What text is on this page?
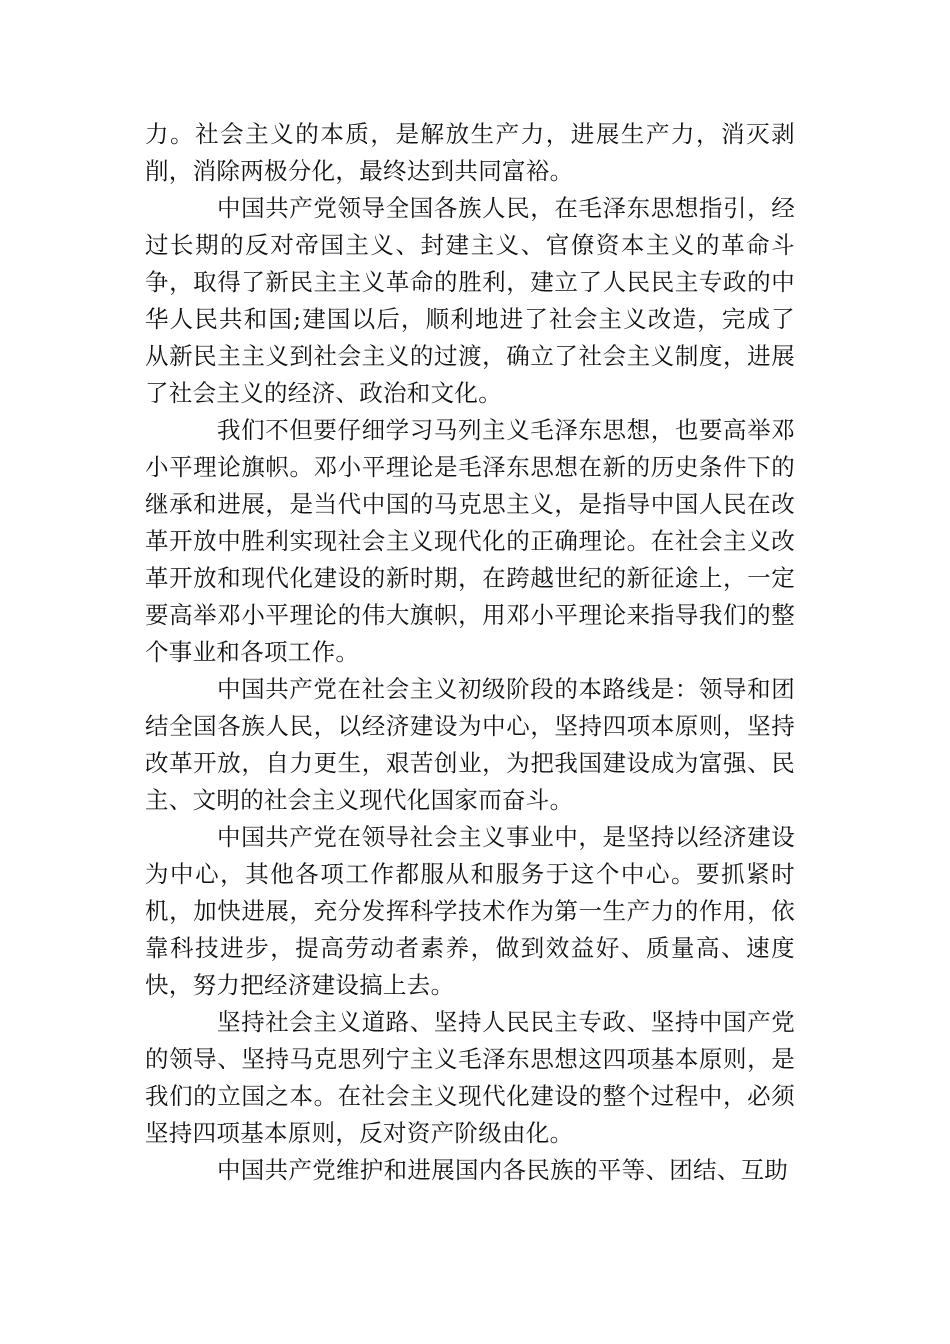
力。社会主义的本质，是解放生产力，进展生产力，消灭剥削，消除两极分化，最终达到共同富裕。

中国共产党领导全国各族人民，在毛泽东思想指引，经过长期的反对帝国主义、封建主义、官僚资本主义的革命斗争，取得了新民主主义革命的胜利，建立了人民民主专政的中华人民共和国;建国以后，顺利地进了社会主义改造，完成了从新民主主义到社会主义的过渡，确立了社会主义制度，进展了社会主义的经济、政治和文化。

我们不但要仔细学习马列主义毛泽东思想，也要高举邓小平理论旗帜。邓小平理论是毛泽东思想在新的历史条件下的继承和进展，是当代中国的马克思主义，是指导中国人民在改革开放中胜利实现社会主义现代化的正确理论。在社会主义改革开放和现代化建设的新时期，在跨越世纪的新征途上，一定要高举邓小平理论的伟大旗帜，用邓小平理论来指导我们的整个事业和各项工作。

中国共产党在社会主义初级阶段的本路线是：领导和团结全国各族人民，以经济建设为中心，坚持四项本原则，坚持改革开放，自力更生，艰苦创业，为把我国建设成为富强、民主、文明的社会主义现代化国家而奋斗。

中国共产党在领导社会主义事业中，是坚持以经济建设为中心，其他各项工作都服从和服务于这个中心。要抓紧时机，加快进展，充分发挥科学技术作为第一生产力的作用，依靠科技进步，提高劳动者素养，做到效益好、质量高、速度快，努力把经济建设搞上去。

坚持社会主义道路、坚持人民民主专政、坚持中国产党的领导、坚持马克思列宁主义毛泽东思想这四项基本原则，是我们的立国之本。在社会主义现代化建设的整个过程中，必须坚持四项基本原则，反对资产阶级由化。

中国共产党维护和进展国内各民族的平等、团结、互助
